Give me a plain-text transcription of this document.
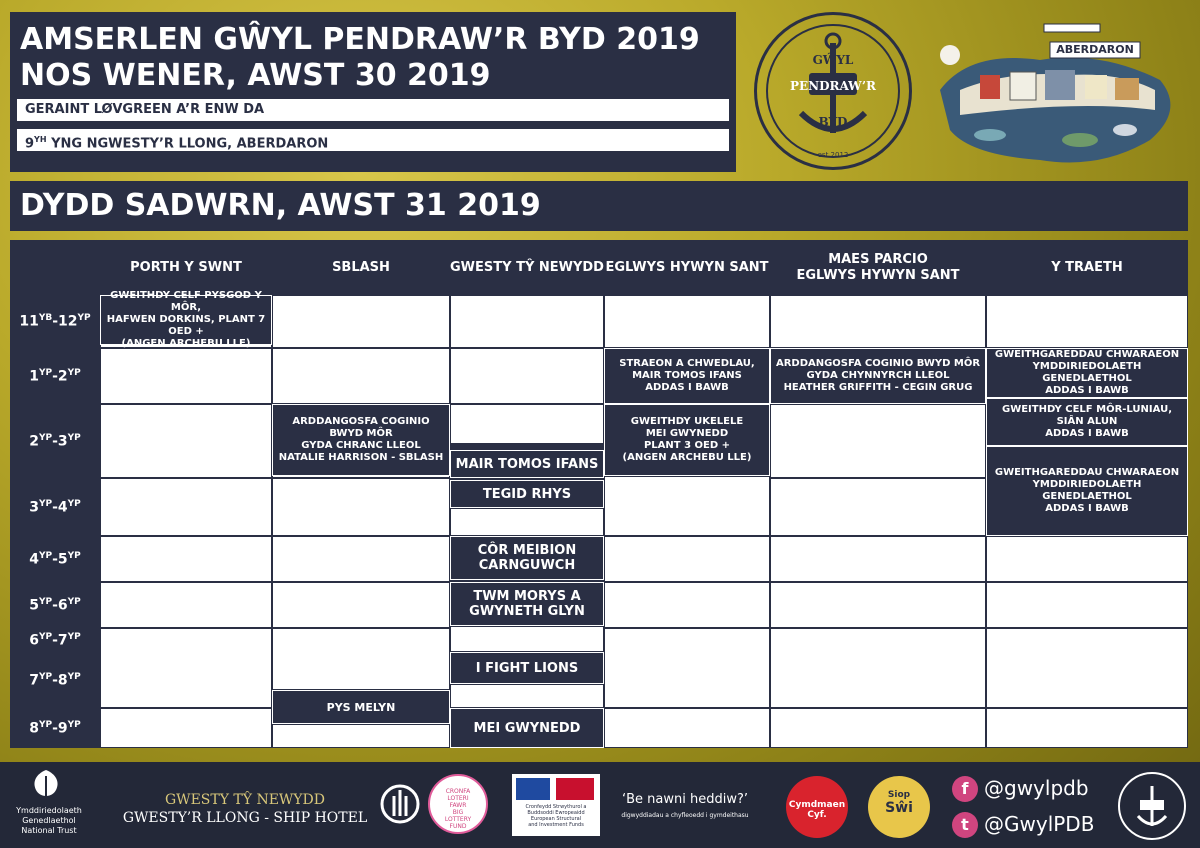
AMSERLEN GŴYL PENDRAW’R BYD 2019
NOS WENER, AWST 30 2019
GERAINT LØVGREEN A’R ENW DA
$9^{YH}$ YNG NGWESTY’R LLONG, ABERDARON
GŴYL
PENDRAW’R
BYD
est 2012
ABERDARON
DYDD SADWRN, AWST 31 2019
PORTH Y SWNT	SBLASH	GWESTY TŶ NEWYDD EGLWYS HYWYN SANT
MAES PARCIO
EGLWYS HYWYN SANT
Y TRAETH
$11^{YB}-12^{YP}$
$1^{YP}-2^{YP}$
$2^{YP}-3^{YP}$
$3^{YP}-4^{YP}$
$4^{YP}-5^{YP}$
$5^{YP}-6^{YP}$
$6^{YP}-7^{YP}$
$7^{YP}-8^{YP}$
$8^{YP}-9^{YP}$
GWEITHDY CELF PYSGOD Y MÔR,
HAFWEN DORKINS, PLANT 7 OED +
(ANGEN ARCHEBU LLE)
ARDDANGOSFA COGINIO BWYD MÔR
GYDA CHRANC LLEOL
NATALIE HARRISON - SBLASH
PYS MELYN
MAIR TOMOS IFANS
TEGID RHYS
CÔR MEIBION
CARNGUWCH
TWM MORYS A
GWYNETH GLYN
I FIGHT LIONS
MEI GWYNEDD
STRAEON A CHWEDLAU,
MAIR TOMOS IFANS
ADDAS I BAWB
GWEITHDY UKELELE
MEI GWYNEDD
PLANT 3 OED +
(ANGEN ARCHEBU LLE)
ARDDANGOSFA COGINIO BWYD MÔR
GYDA CHYNNYRCH LLEOL
HEATHER GRIFFITH - CEGIN GRUG
GWEITHGAREDDAU CHWARAEON
YMDDIRIEDOLAETH GENEDLAETHOL
ADDAS I BAWB
GWEITHDY CELF MÔR-LUNIAU,
SIÂN ALUN
ADDAS I BAWB
GWEITHGAREDDAU CHWARAEON
YMDDIRIEDOLAETH GENEDLAETHOL
ADDAS I BAWB
Ymddiriedolaeth
Genedlaethol
National Trust
GWESTY TŶ NEWYDD
GWESTY’R LLONG - SHIP HOTEL
CRONFA
LOTERI
FAWR
BIG
LOTTERY
FUND
Cronfeydd Strwythurol a
Buddsoddi Ewropeaidd
European Structural
and Investment Funds
‘Be nawni heddiw?’
digwyddiadau a chyfleoedd i gymdeithasu
Cymdmaen Cyf.
Siop
Sŵi
f @gwylpdb
t @GwylPDB
